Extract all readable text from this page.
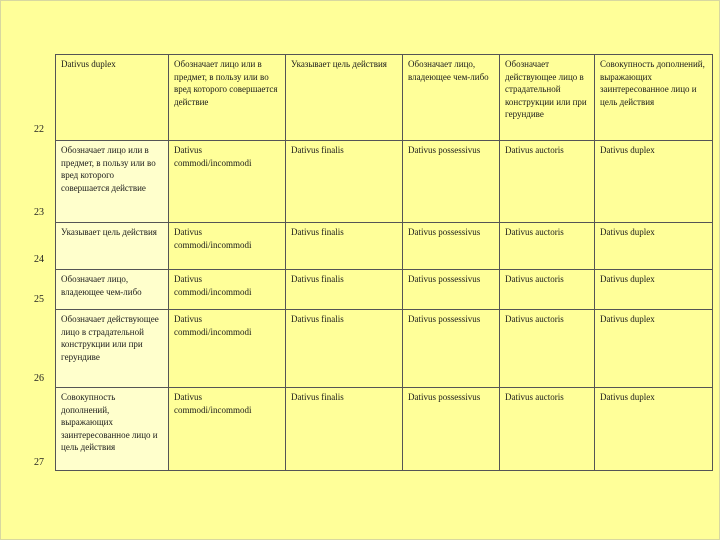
22
23
24
25
26
27
Dativus duplex	Обозначает лицо или в предмет, в пользу или во вред которого совершается действие	Указывает цель действия	Обозначает лицо, владеющее чем-либо	Обозначает действующее лицо в страдательной конструкции или при герундиве	Совокупность дополнений, выражающих заинтересованное лицо и цель действия
Обозначает лицо или в предмет, в пользу или во вред которого совершается действие	Dativus commodi/incommodi	Dativus finalis	Dativus possessivus	Dativus auctoris	Dativus duplex
Указывает цель действия	Dativus commodi/incommodi	Dativus finalis	Dativus possessivus	Dativus auctoris	Dativus duplex
Обозначает лицо, владеющее чем-либо	Dativus commodi/incommodi	Dativus finalis	Dativus possessivus	Dativus auctoris	Dativus duplex
Обозначает действующее лицо в страдательной конструкции или при герундиве	Dativus commodi/incommodi	Dativus finalis	Dativus possessivus	Dativus auctoris	Dativus duplex
Совокупность дополнений, выражающих заинтересованное лицо и цель действия	Dativus commodi/incommodi	Dativus finalis	Dativus possessivus	Dativus auctoris	Dativus duplex
